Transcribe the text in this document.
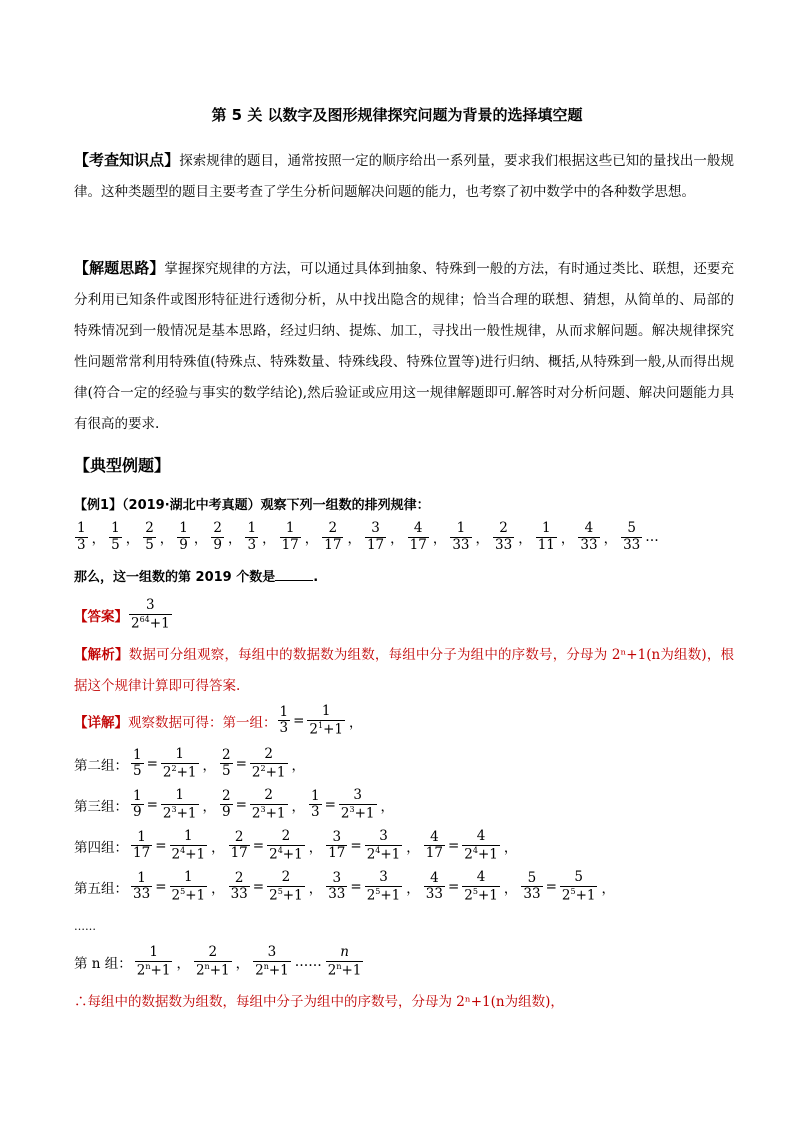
第 5 关 以数字及图形规律探究问题为背景的选择填空题
【考查知识点】探索规律的题目，通常按照一定的顺序给出一系列量，要求我们根据这些已知的量找出一般规律。这种类题型的题目主要考查了学生分析问题解决问题的能力，也考察了初中数学中的各种数学思想。
【解题思路】掌握探究规律的方法，可以通过具体到抽象、特殊到一般的方法，有时通过类比、联想，还要充分利用已知条件或图形特征进行透彻分析，从中找出隐含的规律；恰当合理的联想、猜想，从简单的、局部的特殊情况到一般情况是基本思路，经过归纳、提炼、加工，寻找出一般性规律，从而求解问题。解决规律探究性问题常常利用特殊值(特殊点、特殊数量、特殊线段、特殊位置等)进行归纳、概括,从特殊到一般,从而得出规律(符合一定的经验与事实的数学结论),然后验证或应用这一规律解题即可.解答时对分析问题、解决问题能力具有很高的要求.
【典型例题】
【例1】（2019·湖北中考真题）观察下列一组数的排列规律：
$\frac{1}{3}$ ， $\frac{1}{5}$ ， $\frac{2}{5}$ ， $\frac{1}{9}$ ， $\frac{2}{9}$ ， $\frac{1}{3}$ ， $\frac{1}{17}$ ， $\frac{2}{17}$ ， $\frac{3}{17}$ ， $\frac{4}{17}$ ， $\frac{1}{33}$ ， $\frac{2}{33}$ ， $\frac{1}{11}$ ， $\frac{4}{33}$ ， $\frac{5}{33}$ …
那么，这一组数的第 2019 个数是	.
【答案】 $\frac{3}{2^{64}+1}$
【解析】数据可分组观察，每组中的数据数为组数，每组中分子为组中的序数号，分母为 2ⁿ+1(n为组数)，根据这个规律计算即可得答案.
【详解】 观察数据可得：第一组： $\frac{1}{3} = \frac{1}{2^1+1}$ ，
第二组： $\frac{1}{5} = \frac{1}{2^2+1}$ ， $\frac{2}{5} = \frac{2}{2^2+1}$ ，
第三组： $\frac{1}{9} = \frac{1}{2^3+1}$ ， $\frac{2}{9} = \frac{2}{2^3+1}$ ， $\frac{1}{3} = \frac{3}{2^3+1}$ ，
第四组： $\frac{1}{17} = \frac{1}{2^4+1}$ ， $\frac{2}{17} = \frac{2}{2^4+1}$ ， $\frac{3}{17} = \frac{3}{2^4+1}$ ， $\frac{4}{17} = \frac{4}{2^4+1}$ ，
第五组： $\frac{1}{33} = \frac{1}{2^5+1}$ ， $\frac{2}{33} = \frac{2}{2^5+1}$ ， $\frac{3}{33} = \frac{3}{2^5+1}$ ， $\frac{4}{33} = \frac{4}{2^5+1}$ ， $\frac{5}{33} = \frac{5}{2^5+1}$ ，
……
第 n 组： $\frac{1}{2^n+1}$ ， $\frac{2}{2^n+1}$ ， $\frac{3}{2^n+1}$ …… $\frac{n}{2^n+1}$
∴每组中的数据数为组数，每组中分子为组中的序数号，分母为 2ⁿ+1(n为组数)，
